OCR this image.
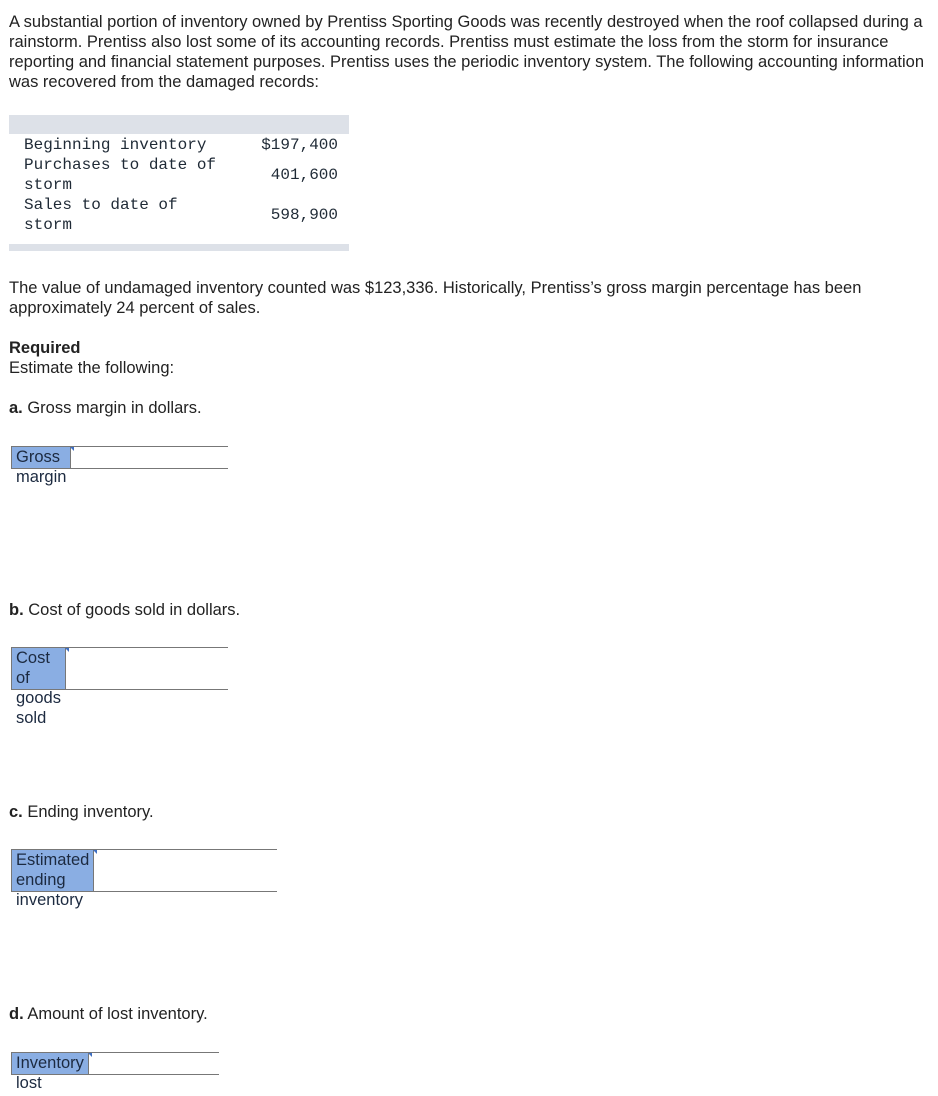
A substantial portion of inventory owned by Prentiss Sporting Goods was recently destroyed when the roof collapsed during a rainstorm. Prentiss also lost some of its accounting records. Prentiss must estimate the loss from the storm for insurance reporting and financial statement purposes. Prentiss uses the periodic inventory system. The following accounting information was recovered from the damaged records:

Beginning inventory	$197,400
Purchases to date of storm
401,600
Sales to date of storm
598,900

The value of undamaged inventory counted was $123,336. Historically, Prentiss’s gross margin percentage has been approximately 24 percent of sales.

Required
Estimate the following:
a. Gross margin in dollars.
Gross margin
b. Cost of goods sold in dollars.
Cost of goods sold
c. Ending inventory.
Estimated ending inventory
d. Amount of lost inventory.
Inventory lost
